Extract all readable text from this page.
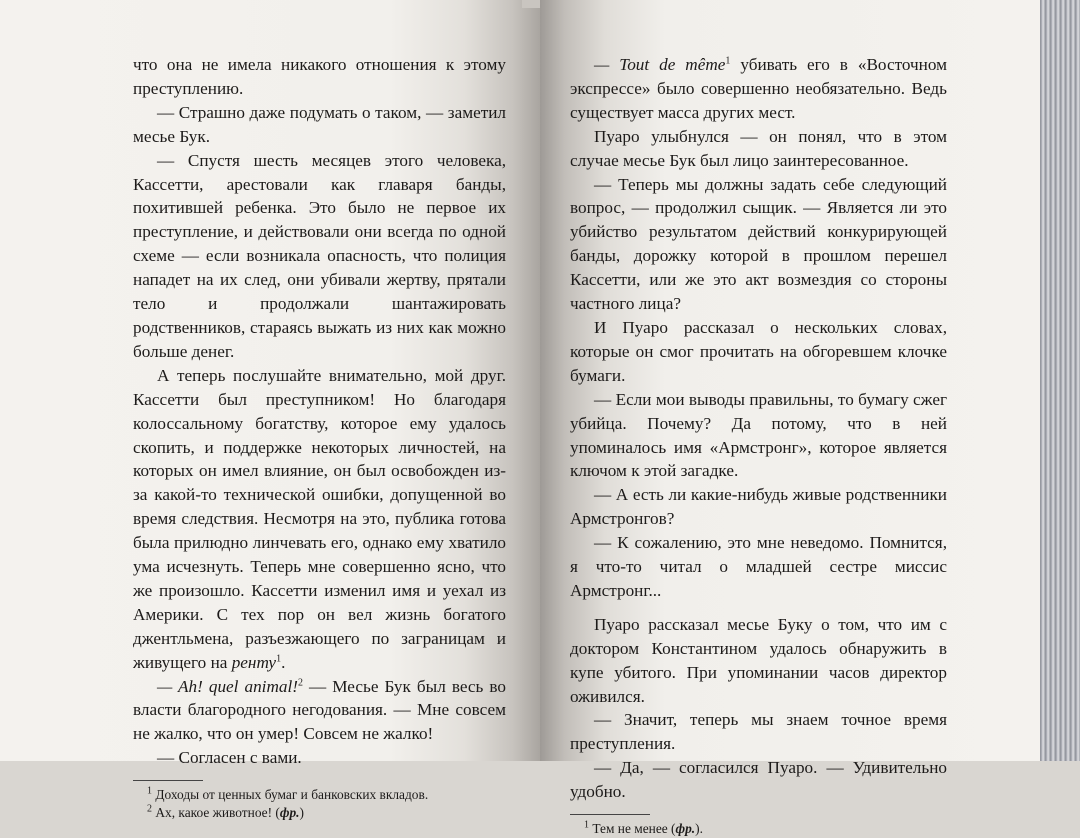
что она не имела никакого отношения к этому преступлению.

— Страшно даже подумать о таком, — заметил месье Бук.

— Спустя шесть месяцев этого человека, Кассетти, арестовали как главаря банды, похитившей ребенка. Это было не первое их преступление, и действовали они всегда по одной схеме — если возникала опасность, что полиция нападет на их след, они убивали жертву, прятали тело и продолжали шантажировать родственников, стараясь выжать из них как можно больше денег.

А теперь послушайте внимательно, мой друг. Кассетти был преступником! Но благодаря колоссальному богатству, которое ему удалось скопить, и поддержке некоторых личностей, на которых он имел влияние, он был освобожден из-за какой-то технической ошибки, допущенной во время следствия. Несмотря на это, публика готова была прилюдно линчевать его, однако ему хватило ума исчезнуть. Теперь мне совершенно ясно, что же произошло. Кассетти изменил имя и уехал из Америки. С тех пор он вел жизнь богатого джентльмена, разъезжающего по заграницам и живущего на ренту$^1$.

— Ah! quel animal!$^2$ — Месье Бук был весь во власти благородного негодования. — Мне совсем не жалко, что он умер! Совсем не жалко!

— Согласен с вами.

$^1$ Доходы от ценных бумаг и банковских вкладов.

$^2$ Ах, какое животное! (фр.)

— Tout de même$^1$ убивать его в «Восточном экспрессе» было совершенно необязательно. Ведь существует масса других мест.

Пуаро улыбнулся — он понял, что в этом случае месье Бук был лицо заинтересованное.

— Теперь мы должны задать себе следующий вопрос, — продолжил сыщик. — Является ли это убийство результатом действий конкурирующей банды, дорожку которой в прошлом перешел Кассетти, или же это акт возмездия со стороны частного лица?

И Пуаро рассказал о нескольких словах, которые он смог прочитать на обгоревшем клочке бумаги.

— Если мои выводы правильны, то бумагу сжег убийца. Почему? Да потому, что в ней упоминалось имя «Армстронг», которое является ключом к этой загадке.

— А есть ли какие-нибудь живые родственники Армстронгов?

— К сожалению, это мне неведомо. Помнится, я что-то читал о младшей сестре миссис Армстронг...

Пуаро рассказал месье Буку о том, что им с доктором Константином удалось обнаружить в купе убитого. При упоминании часов директор оживился.

— Значит, теперь мы знаем точное время преступления.

— Да, — согласился Пуаро. — Удивительно удобно.

$^1$ Тем не менее (фр.).
